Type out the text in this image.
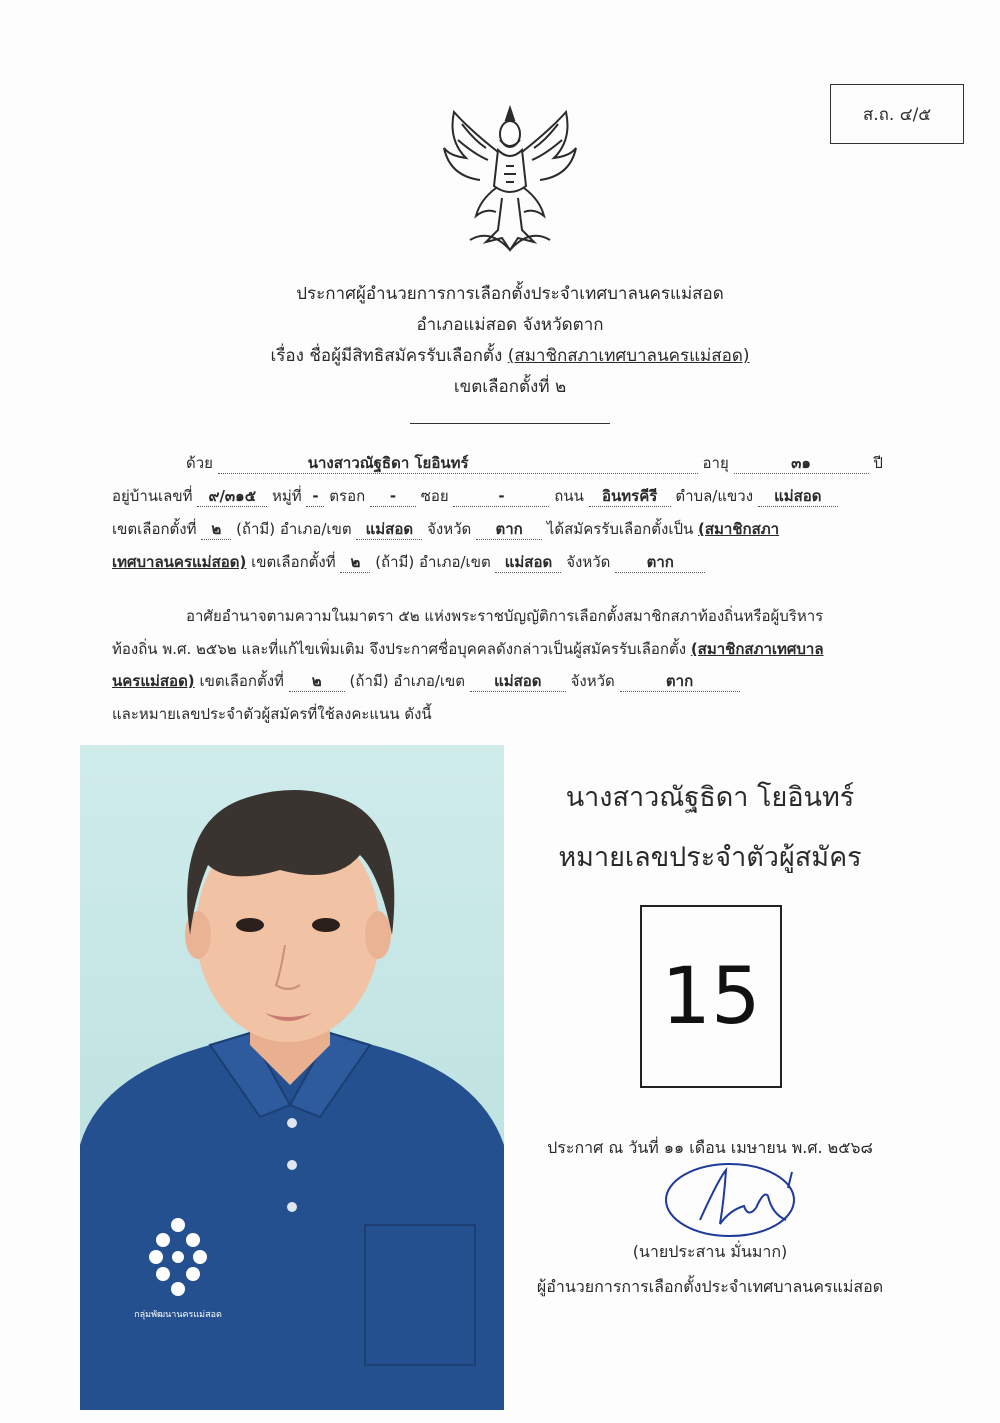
ส.ถ. ๔/๕
ประกาศผู้อำนวยการการเลือกตั้งประจำเทศบาลนครแม่สอด
อำเภอแม่สอด จังหวัดตาก
เรื่อง ชื่อผู้มีสิทธิสมัครรับเลือกตั้ง (สมาชิกสภาเทศบาลนครแม่สอด)
เขตเลือกตั้งที่ ๒
ด้วย	นางสาวณัฐธิดา โยอินทร์	อายุ	๓๑	ปี
อยู่บ้านเลขที่ ๙/๓๑๕ หมู่ที่ - ตรอก - ซอย	-	ถนน อินทรคีรี ตำบล/แขวง แม่สอด
เขตเลือกตั้งที่ ๒ (ถ้ามี) อำเภอ/เขต แม่สอด จังหวัด ตาก ได้สมัครรับเลือกตั้งเป็น (สมาชิกสภา
เทศบาลนครแม่สอด) เขตเลือกตั้งที่ ๒ (ถ้ามี) อำเภอ/เขต แม่สอด จังหวัด ตาก
อาศัยอำนาจตามความในมาตรา ๕๒ แห่งพระราชบัญญัติการเลือกตั้งสมาชิกสภาท้องถิ่นหรือผู้บริหาร
ท้องถิ่น พ.ศ. ๒๕๖๒ และที่แก้ไขเพิ่มเติม จึงประกาศชื่อบุคคลดังกล่าวเป็นผู้สมัครรับเลือกตั้ง (สมาชิกสภาเทศบาล
นครแม่สอด) เขตเลือกตั้งที่ ๒ (ถ้ามี) อำเภอ/เขต แม่สอด จังหวัด	ตาก
และหมายเลขประจำตัวผู้สมัครที่ใช้ลงคะแนน ดังนี้
กลุ่มพัฒนานครแม่สอด
นางสาวณัฐธิดา โยอินทร์
หมายเลขประจำตัวผู้สมัคร
15
ประกาศ ณ วันที่ ๑๑ เดือน เมษายน พ.ศ. ๒๕๖๘
(นายประสาน มั่นมาก)
ผู้อำนวยการการเลือกตั้งประจำเทศบาลนครแม่สอด
